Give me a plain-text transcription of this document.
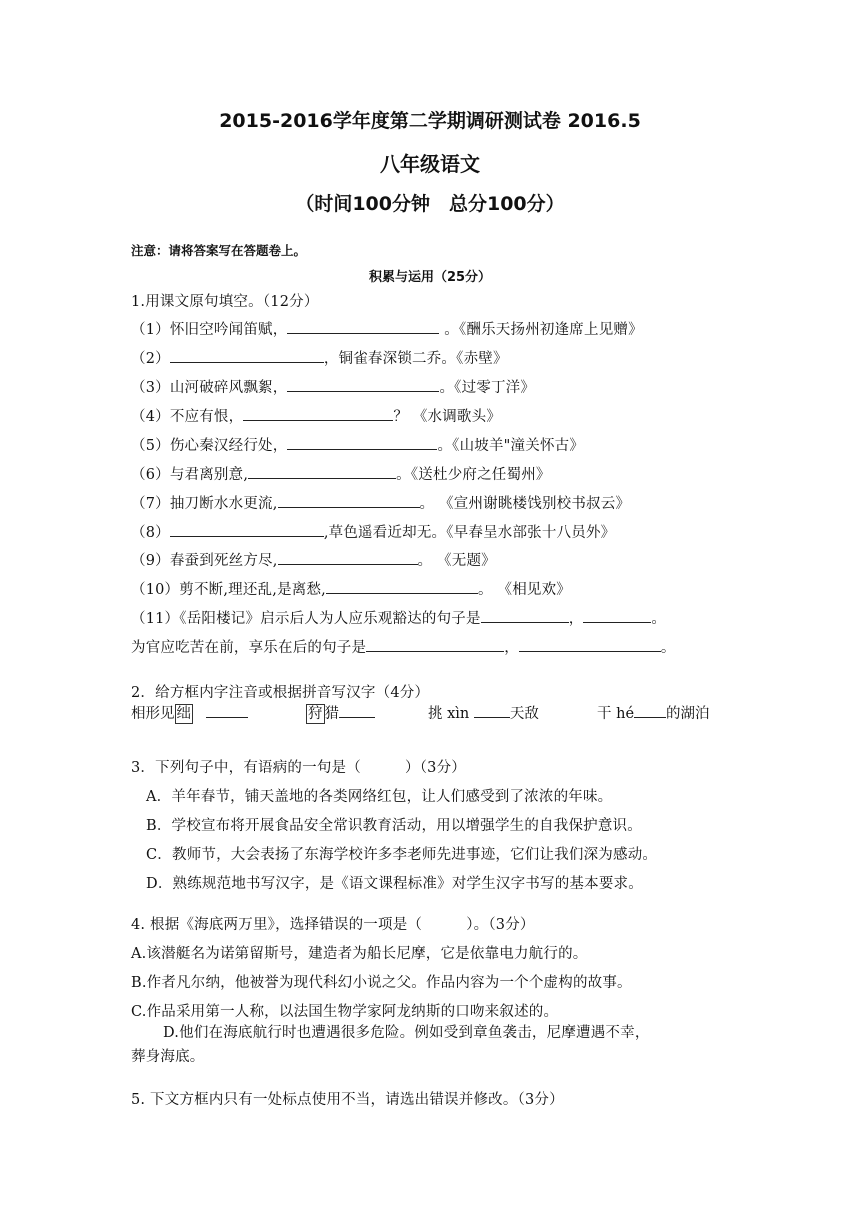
2015-2016学年度第二学期调研测试卷 2016.5
八年级语文
（时间100分钟　总分100分）
注意：请将答案写在答题卷上。
积累与运用（25分）
1.用课文原句填空。（12分）
（1）怀旧空吟闻笛赋，	。《酬乐天扬州初逢席上见赠》
（2）	，铜雀春深锁二乔。《赤壁》
（3）山河破碎风飘絮，	。《过零丁洋》
（4）不应有恨，	？ 《水调歌头》
（5）伤心秦汉经行处，	。《山坡羊"潼关怀古》
（6）与君离别意,	。《送杜少府之任蜀州》
（7）抽刀断水水更流,	。 《宣州谢眺楼饯别校书叔云》
（8）	,草色遥看近却无。《早春呈水部张十八员外》
（9）春蚕到死丝方尽,	。 《无题》
（10）剪不断,理还乱,是离愁,	。 《相见欢》
（11）《岳阳楼记》启示后人为人应乐观豁达的句子是	，	。
为官应吃苦在前，享乐在后的句子是	，	。
2．给方框内字注音或根据拼音写汉字（4分）
相形见 绌	狩 猎	挑 xìn 天敌	干 hé 的湖泊
3．下列句子中，有语病的一句是（　　　）（3分）
A．羊年春节，铺天盖地的各类网络红包，让人们感受到了浓浓的年味。
B．学校宣布将开展食品安全常识教育活动，用以增强学生的自我保护意识。
C．教师节，大会表扬了东海学校许多李老师先进事迹，它们让我们深为感动。
D．熟练规范地书写汉字，是《语文课程标准》对学生汉字书写的基本要求。
4. 根据《海底两万里》，选择错误的一项是（　　　）。（3分）
A.该潜艇名为诺第留斯号，建造者为船长尼摩，它是依靠电力航行的。
B.作者凡尔纳，他被誉为现代科幻小说之父。作品内容为一个个虚构的故事。
C.作品采用第一人称，以法国生物学家阿龙纳斯的口吻来叙述的。
D.他们在海底航行时也遭遇很多危险。例如受到章鱼袭击，尼摩遭遇不幸，
葬身海底。
5. 下文方框内只有一处标点使用不当，请选出错误并修改。（3分）
